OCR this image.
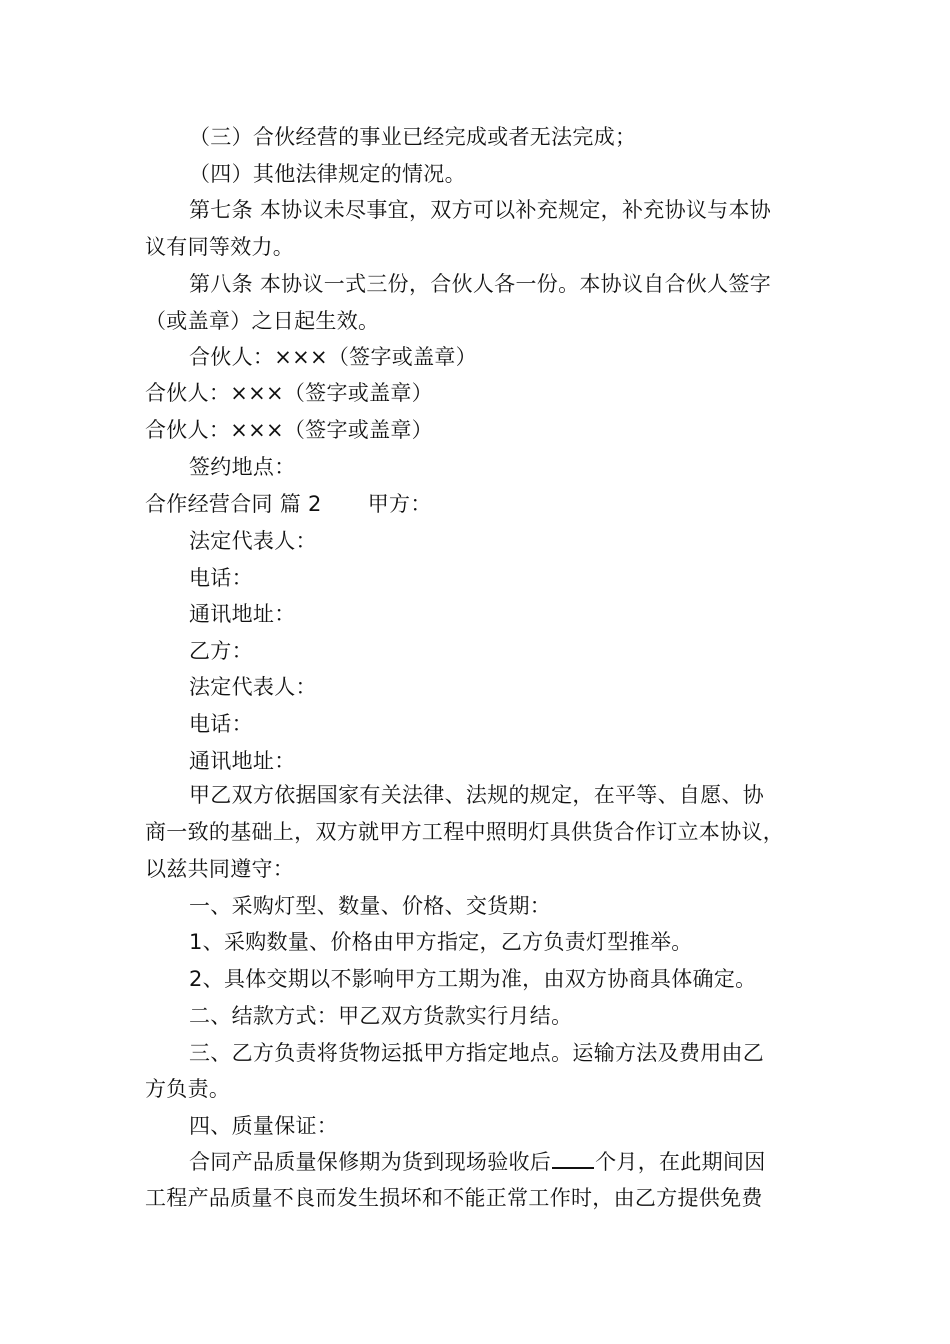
（三）合伙经营的事业已经完成或者无法完成；
（四）其他法律规定的情况。
第七条 本协议未尽事宜，双方可以补充规定，补充协议与本协
议有同等效力。
第八条 本协议一式三份，合伙人各一份。本协议自合伙人签字
（或盖章）之日起生效。
合伙人：×××（签字或盖章）
合伙人：×××（签字或盖章）
合伙人：×××（签字或盖章）
签约地点：
合作经营合同 篇 2 甲方：
法定代表人：
电话：
通讯地址：
乙方：
法定代表人：
电话：
通讯地址：
甲乙双方依据国家有关法律、法规的规定，在平等、自愿、协
商一致的基础上，双方就甲方工程中照明灯具供货合作订立本协议，
以兹共同遵守：
一、采购灯型、数量、价格、交货期：
1、采购数量、价格由甲方指定，乙方负责灯型推举。
2、具体交期以不影响甲方工期为准，由双方协商具体确定。
二、结款方式：甲乙双方货款实行月结。
三、乙方负责将货物运抵甲方指定地点。运输方法及费用由乙
方负责。
四、质量保证：
合同产品质量保修期为货到现场验收后 个月，在此期间因
工程产品质量不良而发生损坏和不能正常工作时，由乙方提供免费
